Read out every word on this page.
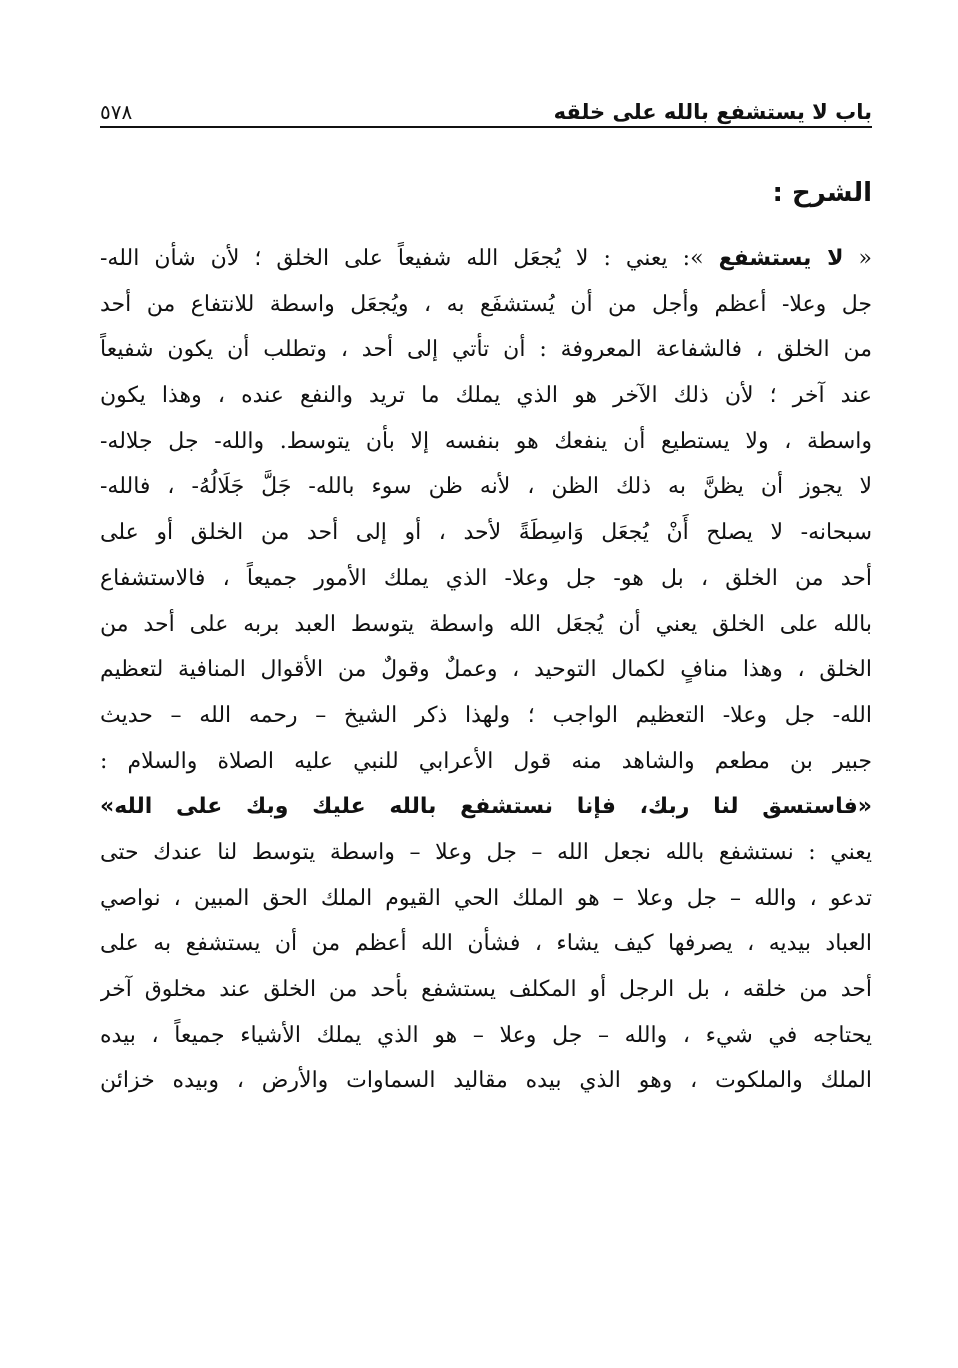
باب لا يستشفع بالله على خلقه
٥٧٨
الشرح :
« لا يستشفع »: يعني : لا يُجعَل الله شفيعاً على الخلق ؛ لأن شأن الله-
جل وعلا- أعظم وأجل من أن يُستشفَع به ، ويُجعَل واسطة للانتفاع من أحد
من الخلق ، فالشفاعة المعروفة : أن تأتي إلى أحد ، وتطلب أن يكون شفيعاً
عند آخر ؛ لأن ذلك الآخر هو الذي يملك ما تريد والنفع عنده ، وهذا يكون
واسطة ، ولا يستطيع أن ينفعك هو بنفسه إلا بأن يتوسط. والله- جل جلاله-
لا يجوز أن يظنَّ به ذلك الظن ، لأنه ظن سوء بالله- جَلَّ جَلَالُهُ- ، فالله-
سبحانه- لا يصلح أَنْ يُجعَل وَاسِطَةً لأحد ، أو إلى أحد من الخلق أو على
أحد من الخلق ، بل هو- جل وعلا- الذي يملك الأمور جميعاً ، فالاستشفاع
بالله على الخلق يعني أن يُجعَل الله واسطة يتوسط العبد بربه على أحد من
الخلق ، وهذا منافٍ لكمال التوحيد ، وعملٌ وقولٌ من الأقوال المنافية لتعظيم
الله- جل وعلا- التعظيم الواجب ؛ ولهذا ذكر الشيخ – رحمه الله – حديث
جبير بن مطعم والشاهد منه قول الأعرابي للنبي عليه الصلاة والسلام :
«فاستسق لنا ربك، فإنا نستشفع بالله عليك وبك على الله»
يعني : نستشفع بالله نجعل الله – جل وعلا – واسطة يتوسط لنا عندك حتى
تدعو ، والله – جل وعلا – هو الملك الحي القيوم الملك الحق المبين ، نواصي
العباد بيديه ، يصرفها كيف يشاء ، فشأن الله أعظم من أن يستشفع به على
أحد من خلقه ، بل الرجل أو المكلف يستشفع بأحد من الخلق عند مخلوق آخر
يحتاجه في شيء ، والله – جل وعلا – هو الذي يملك الأشياء جميعاً ، بيده
الملك والملكوت ، وهو الذي بيده مقاليد السماوات والأرض ، وبيده خزائن
